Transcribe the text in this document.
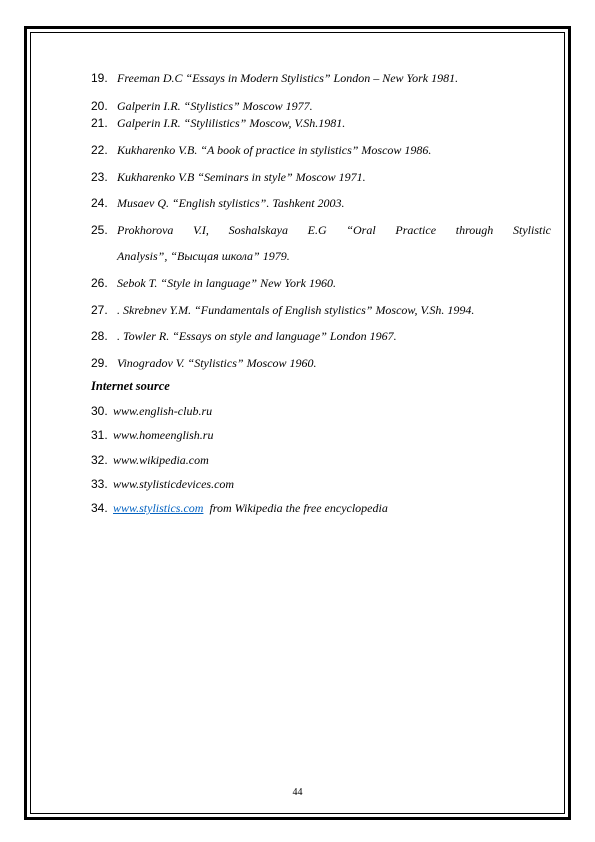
19. Freeman D.C “Essays in Modern Stylistics” London – New York 1981.
20. Galperin I.R. “Stylistics” Moscow 1977.
21. Galperin I.R. “Stylilistics” Moscow, V.Sh.1981.
22. Kukharenko V.B. “A book of practice in stylistics” Moscow 1986.
23. Kukharenko V.B “Seminars in style” Moscow 1971.
24. Musaev Q. “English stylistics”. Tashkent 2003.
25. Prokhorova V.I, Soshalskaya E.G “Oral Practice through Stylistic
Analysis”, “Высщая школа” 1979.
26. Sebok T. “Style in language” New York 1960.
27. . Skrebnev Y.M. “Fundamentals of English stylistics” Moscow, V.Sh. 1994.
28. . Towler R. “Essays on style and language” London 1967.
29. Vinogradov V. “Stylistics” Moscow 1960.
Internet source
30. www.english-club.ru
31. www.homeenglish.ru
32. www.wikipedia.com
33. www.stylisticdevices.com
34. www.stylistics.com  from Wikipedia the free encyclopedia
44
